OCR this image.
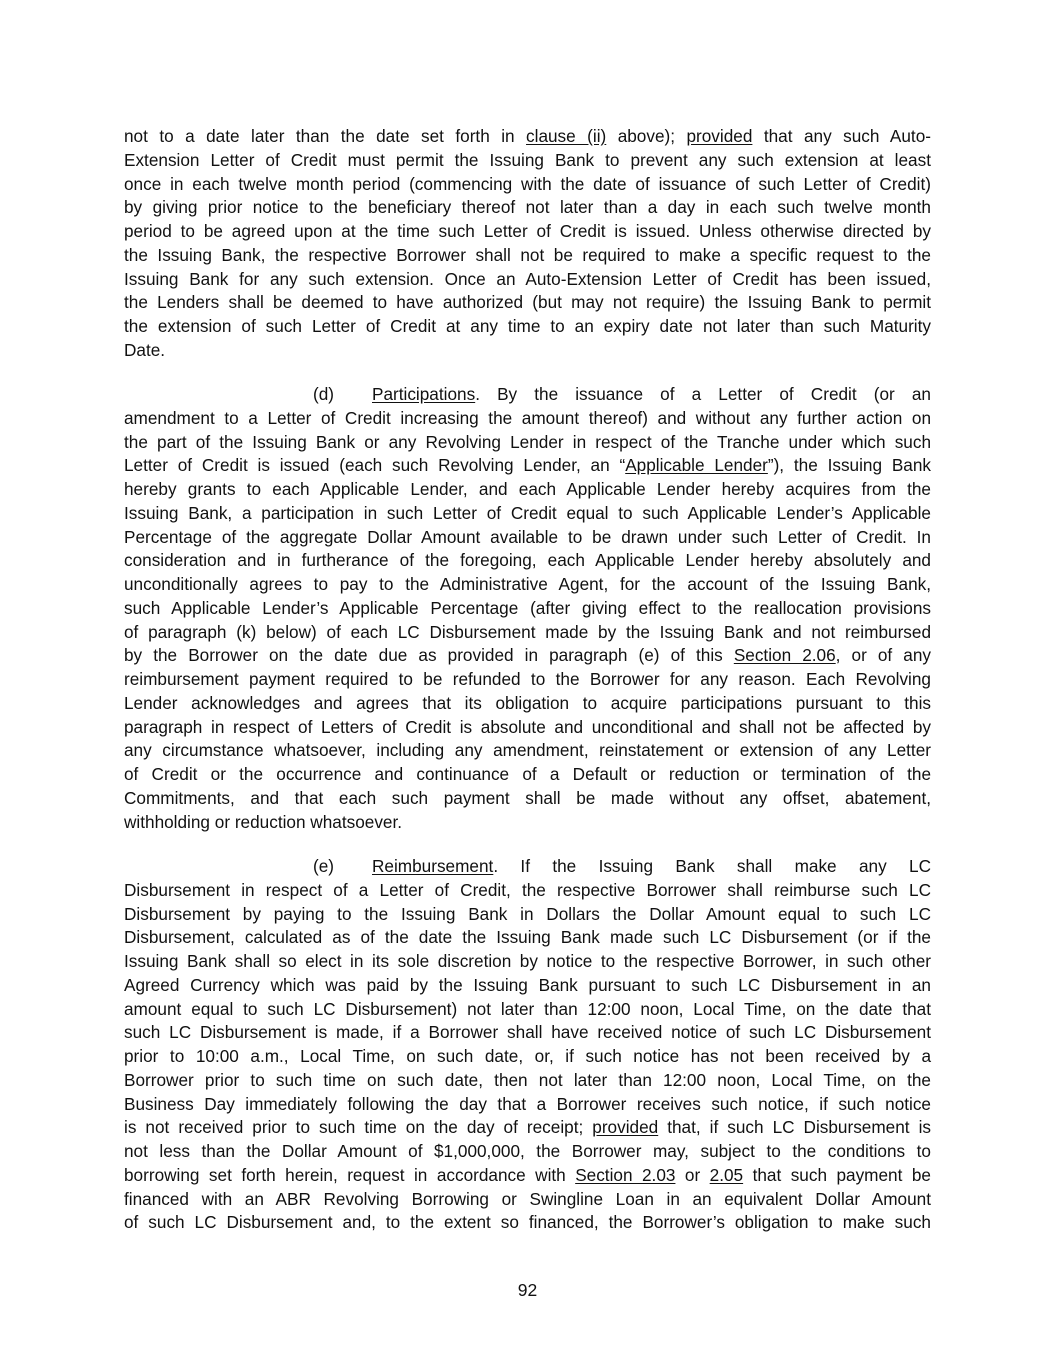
not to a date later than the date set forth in clause (ii) above); provided that any such Auto-
Extension Letter of Credit must permit the Issuing Bank to prevent any such extension at least
once in each twelve month period (commencing with the date of issuance of such Letter of Credit)
by giving prior notice to the beneficiary thereof not later than a day in each such twelve month
period to be agreed upon at the time such Letter of Credit is issued. Unless otherwise directed by
the Issuing Bank, the respective Borrower shall not be required to make a specific request to the
Issuing Bank for any such extension. Once an Auto-Extension Letter of Credit has been issued,
the Lenders shall be deemed to have authorized (but may not require) the Issuing Bank to permit
the extension of such Letter of Credit at any time to an expiry date not later than such Maturity
Date.
(d) Participations. By the issuance of a Letter of Credit (or an
amendment to a Letter of Credit increasing the amount thereof) and without any further action on
the part of the Issuing Bank or any Revolving Lender in respect of the Tranche under which such
Letter of Credit is issued (each such Revolving Lender, an “Applicable Lender”), the Issuing Bank
hereby grants to each Applicable Lender, and each Applicable Lender hereby acquires from the
Issuing Bank, a participation in such Letter of Credit equal to such Applicable Lender’s Applicable
Percentage of the aggregate Dollar Amount available to be drawn under such Letter of Credit. In
consideration and in furtherance of the foregoing, each Applicable Lender hereby absolutely and
unconditionally agrees to pay to the Administrative Agent, for the account of the Issuing Bank,
such Applicable Lender’s Applicable Percentage (after giving effect to the reallocation provisions
of paragraph (k) below) of each LC Disbursement made by the Issuing Bank and not reimbursed
by the Borrower on the date due as provided in paragraph (e) of this Section 2.06, or of any
reimbursement payment required to be refunded to the Borrower for any reason. Each Revolving
Lender acknowledges and agrees that its obligation to acquire participations pursuant to this
paragraph in respect of Letters of Credit is absolute and unconditional and shall not be affected by
any circumstance whatsoever, including any amendment, reinstatement or extension of any Letter
of Credit or the occurrence and continuance of a Default or reduction or termination of the
Commitments, and that each such payment shall be made without any offset, abatement,
withholding or reduction whatsoever.
(e) Reimbursement. If the Issuing Bank shall make any LC
Disbursement in respect of a Letter of Credit, the respective Borrower shall reimburse such LC
Disbursement by paying to the Issuing Bank in Dollars the Dollar Amount equal to such LC
Disbursement, calculated as of the date the Issuing Bank made such LC Disbursement (or if the
Issuing Bank shall so elect in its sole discretion by notice to the respective Borrower, in such other
Agreed Currency which was paid by the Issuing Bank pursuant to such LC Disbursement in an
amount equal to such LC Disbursement) not later than 12:00 noon, Local Time, on the date that
such LC Disbursement is made, if a Borrower shall have received notice of such LC Disbursement
prior to 10:00 a.m., Local Time, on such date, or, if such notice has not been received by a
Borrower prior to such time on such date, then not later than 12:00 noon, Local Time, on the
Business Day immediately following the day that a Borrower receives such notice, if such notice
is not received prior to such time on the day of receipt; provided that, if such LC Disbursement is
not less than the Dollar Amount of $1,000,000, the Borrower may, subject to the conditions to
borrowing set forth herein, request in accordance with Section 2.03 or 2.05 that such payment be
financed with an ABR Revolving Borrowing or Swingline Loan in an equivalent Dollar Amount
of such LC Disbursement and, to the extent so financed, the Borrower’s obligation to make such
92
